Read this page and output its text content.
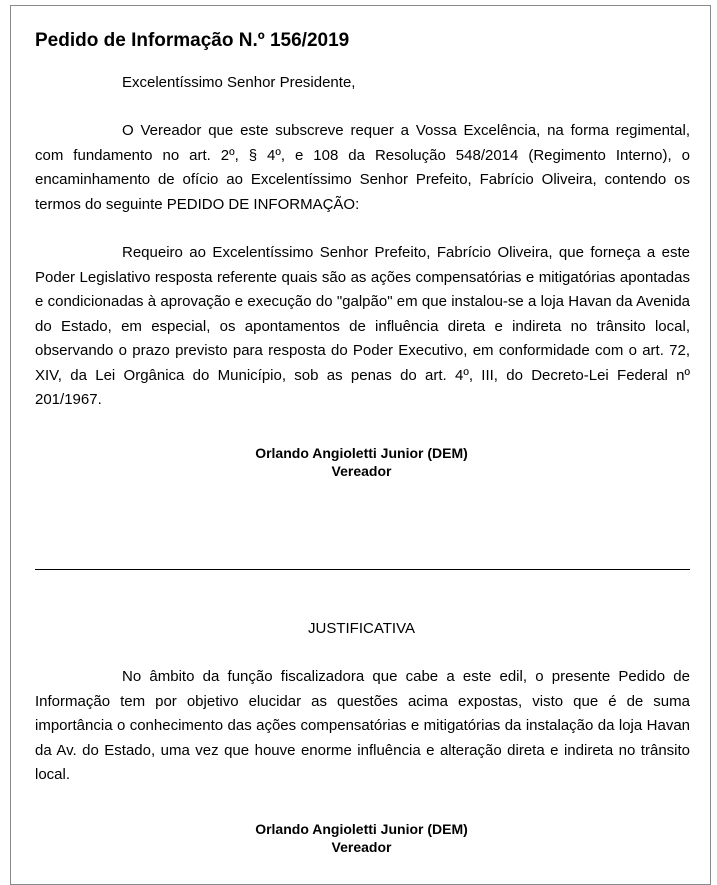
Pedido de Informação N.º 156/2019
Excelentíssimo Senhor Presidente,

O Vereador que este subscreve requer a Vossa Excelência, na forma regimental, com fundamento no art. 2º, § 4º, e 108 da Resolução 548/2014 (Regimento Interno), o encaminhamento de ofício ao Excelentíssimo Senhor Prefeito, Fabrício Oliveira, contendo os termos do seguinte PEDIDO DE INFORMAÇÃO:

Requeiro ao Excelentíssimo Senhor Prefeito, Fabrício Oliveira, que forneça a este Poder Legislativo resposta referente quais são as ações compensatórias e mitigatórias apontadas e condicionadas à aprovação e execução do "galpão" em que instalou-se a loja Havan da Avenida do Estado, em especial, os apontamentos de influência direta e indireta no trânsito local, observando o prazo previsto para resposta do Poder Executivo, em conformidade com o art. 72, XIV, da Lei Orgânica do Município, sob as penas do art. 4º, III, do Decreto-Lei Federal nº 201/1967.

Orlando Angioletti Junior (DEM)
Vereador
JUSTIFICATIVA

No âmbito da função fiscalizadora que cabe a este edil, o presente Pedido de Informação tem por objetivo elucidar as questões acima expostas, visto que é de suma importância o conhecimento das ações compensatórias e mitigatórias da instalação da loja Havan da Av. do Estado, uma vez que houve enorme influência e alteração direta e indireta no trânsito local.

Orlando Angioletti Junior (DEM)
Vereador
